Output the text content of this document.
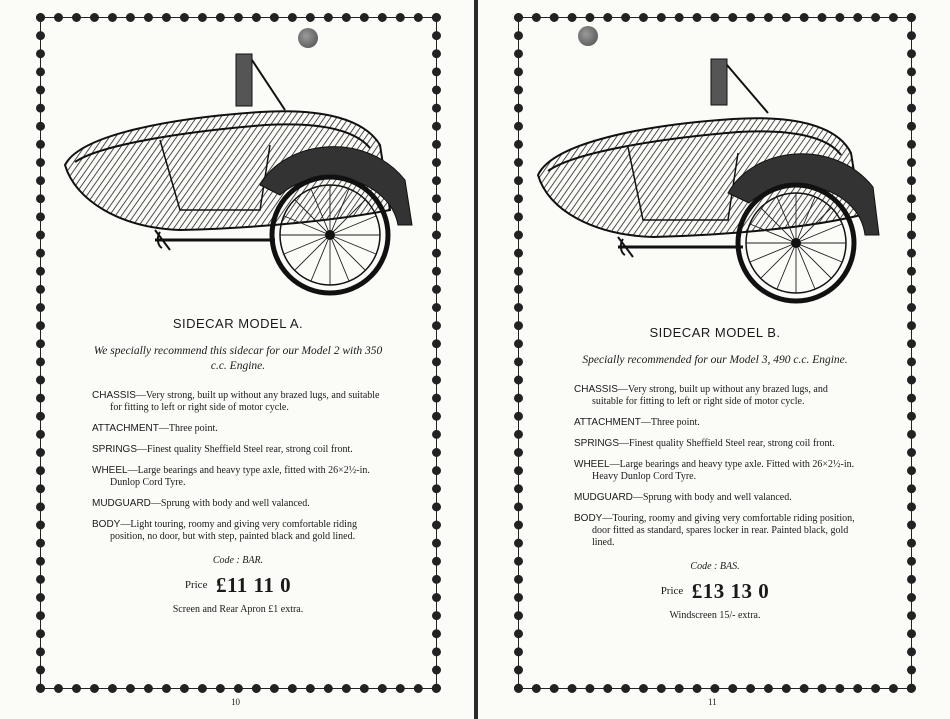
SIDECAR MODEL A.
We specially recommend this sidecar for our Model 2 with 350 c.c. Engine.

CHASSIS—Very strong, built up without any brazed lugs, and suitable for fitting to left or right side of motor cycle.

ATTACHMENT—Three point.

SPRINGS—Finest quality Sheffield Steel rear, strong coil front.

WHEEL—Large bearings and heavy type axle, fitted with 26×2½-in. Dunlop Cord Tyre.

MUDGUARD—Sprung with body and well valanced.

BODY—Light touring, roomy and giving very comfortable riding position, no door, but with step, painted black and gold lined.

Code : BAR.
Price £11 11 0
Screen and Rear Apron £1 extra.
10
SIDECAR MODEL B.
Specially recommended for our Model 3, 490 c.c. Engine.

CHASSIS—Very strong, built up without any brazed lugs, and suitable for fitting to left or right side of motor cycle.

ATTACHMENT—Three point.

SPRINGS—Finest quality Sheffield Steel rear, strong coil front.

WHEEL—Large bearings and heavy type axle. Fitted with 26×2½-in. Heavy Dunlop Cord Tyre.

MUDGUARD—Sprung with body and well valanced.

BODY—Touring, roomy and giving very comfortable riding position, door fitted as standard, spares locker in rear. Painted black, gold lined.

Code : BAS.
Price £13 13 0
Windscreen 15/- extra.
11
